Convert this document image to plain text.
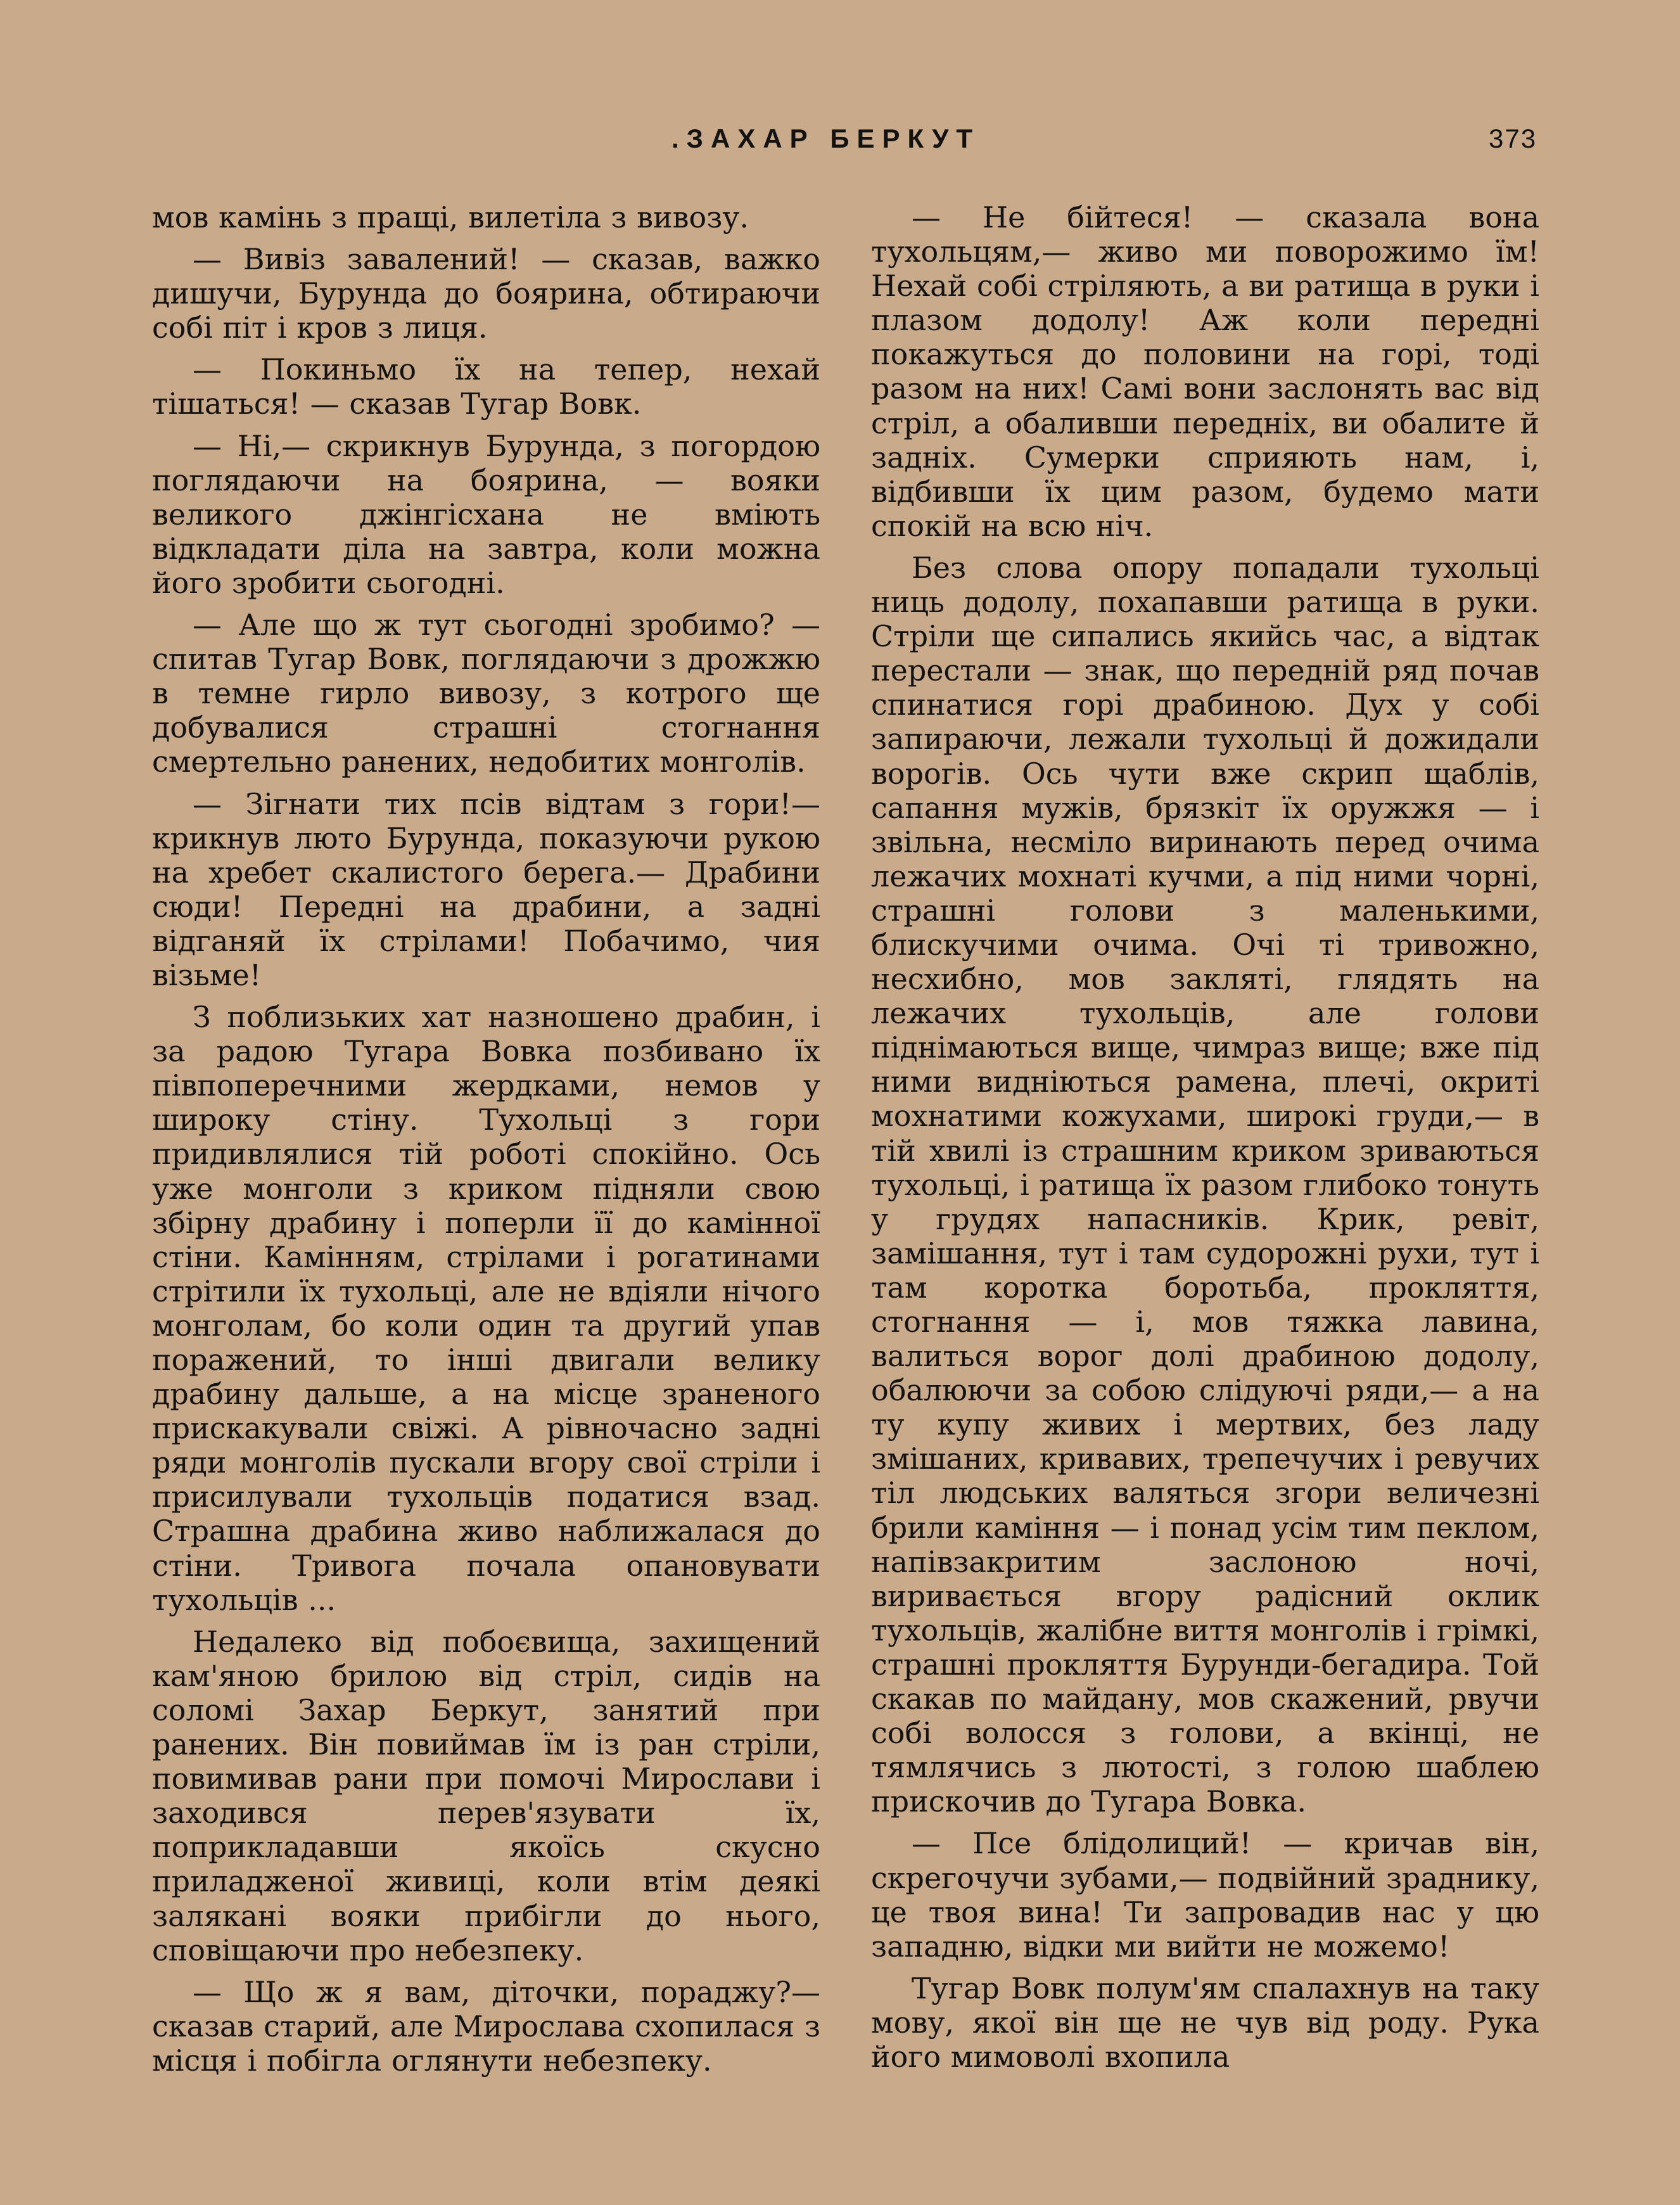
.ЗАХАР БЕРКУТ	373

мов камінь з пращі, вилетіла з вивозу.

— Вивіз завалений! — сказав, важко дишучи, Бурунда до боярина, обтираючи собі піт і кров з лиця.

— Покиньмо їх на тепер, нехай тішаться! — сказав Тугар Вовк.

— Ні,— скрикнув Бурунда, з погордою поглядаючи на боярина, — вояки великого джінгісхана не вміють відкладати діла на завтра, коли можна його зробити сьогодні.

— Але що ж тут сьогодні зробимо? — спитав Тугар Вовк, поглядаючи з дрожжю в темне гирло вивозу, з котрого ще добувалися страшні стогнання смертельно ранених, недобитих монголів.

— Зігнати тих псів відтам з гори!— крикнув люто Бурунда, показуючи рукою на хребет скалистого берега.— Драбини сюди! Передні на драбини, а задні відганяй їх стрілами! Побачимо, чия візьме!

З поблизьких хат назношено драбин, і за радою Тугара Вовка позбивано їх півпоперечними жердками, немов у широку стіну. Тухольці з гори придивлялися тій роботі спокійно. Ось уже монголи з криком підняли свою збірну драбину і поперли її до камінної стіни. Камінням, стрілами і рогатинами стрітили їх тухольці, але не вдіяли нічого монголам, бо коли один та другий упав поражений, то інші двигали велику драбину дальше, а на місце зраненого прискакували свіжі. А рівночасно задні ряди монголів пускали вгору свої стріли і присилували тухольців податися взад. Страшна драбина живо наближалася до стіни. Тривога почала опановувати тухольців ...

Недалеко від побоєвища, захищений кам'яною брилою від стріл, сидів на соломі Захар Беркут, занятий при ранених. Він повиймав їм із ран стріли, повимивав рани при помочі Мирослави і заходився перев'язувати їх, поприкладавши якоїсь скусно приладженої живиці, коли втім деякі залякані вояки прибігли до нього, сповіщаючи про небезпеку.

— Що ж я вам, діточки, пораджу?— сказав старий, але Мирослава схопилася з місця і побігла оглянути небезпеку.

— Не бійтеся! — сказала вона тухольцям,— живо ми поворожимо їм! Нехай собі стріляють, а ви ратища в руки і плазом додолу! Аж коли передні покажуться до половини на горі, тоді разом на них! Самі вони заслонять вас від стріл, а обаливши передніх, ви обалите й задніх. Сумерки сприяють нам, і, відбивши їх цим разом, будемо мати спокій на всю ніч.

Без слова опору попадали тухольці ниць додолу, похапавши ратища в руки. Стріли ще сипались якийсь час, а відтак перестали — знак, що передній ряд почав спинатися горі драбиною. Дух у собі запираючи, лежали тухольці й дожидали ворогів. Ось чути вже скрип щаблів, сапання мужів, брязкіт їх оружжя — і звільна, несміло виринають перед очима лежачих мохнаті кучми, а під ними чорні, страшні голови з маленькими, блискучими очима. Очі ті тривожно, несхибно, мов закляті, глядять на лежачих тухольців, але голови піднімаються вище, чимраз вище; вже під ними видніються рамена, плечі, окриті мохнатими кожухами, широкі груди,— в тій хвилі із страшним криком зриваються тухольці, і ратища їх разом глибоко тонуть у грудях напасників. Крик, ревіт, замішання, тут і там судорожні рухи, тут і там коротка боротьба, прокляття, стогнання — і, мов тяжка лавина, валиться ворог долі драбиною додолу, обалюючи за собою слідуючі ряди,— а на ту купу живих і мертвих, без ладу змішаних, кривавих, трепечучих і ревучих тіл людських валяться згори величезні брили каміння — і понад усім тим пеклом, напівзакритим заслоною ночі, виривається вгору радісний оклик тухольців, жалібне виття монголів і грімкі, страшні прокляття Бурунди-бегадира. Той скакав по майдану, мов скажений, рвучи собі волосся з голови, а вкінці, не тямлячись з лютості, з голою шаблею прискочив до Тугара Вовка.

— Псе блідолиций! — кричав він, скрегочучи зубами,— подвійний зраднику, це твоя вина! Ти запровадив нас у цю западню, відки ми вийти не можемо!

Тугар Вовк полум'ям спалахнув на таку мову, якої він ще не чув від роду. Рука його мимоволі вхопила
